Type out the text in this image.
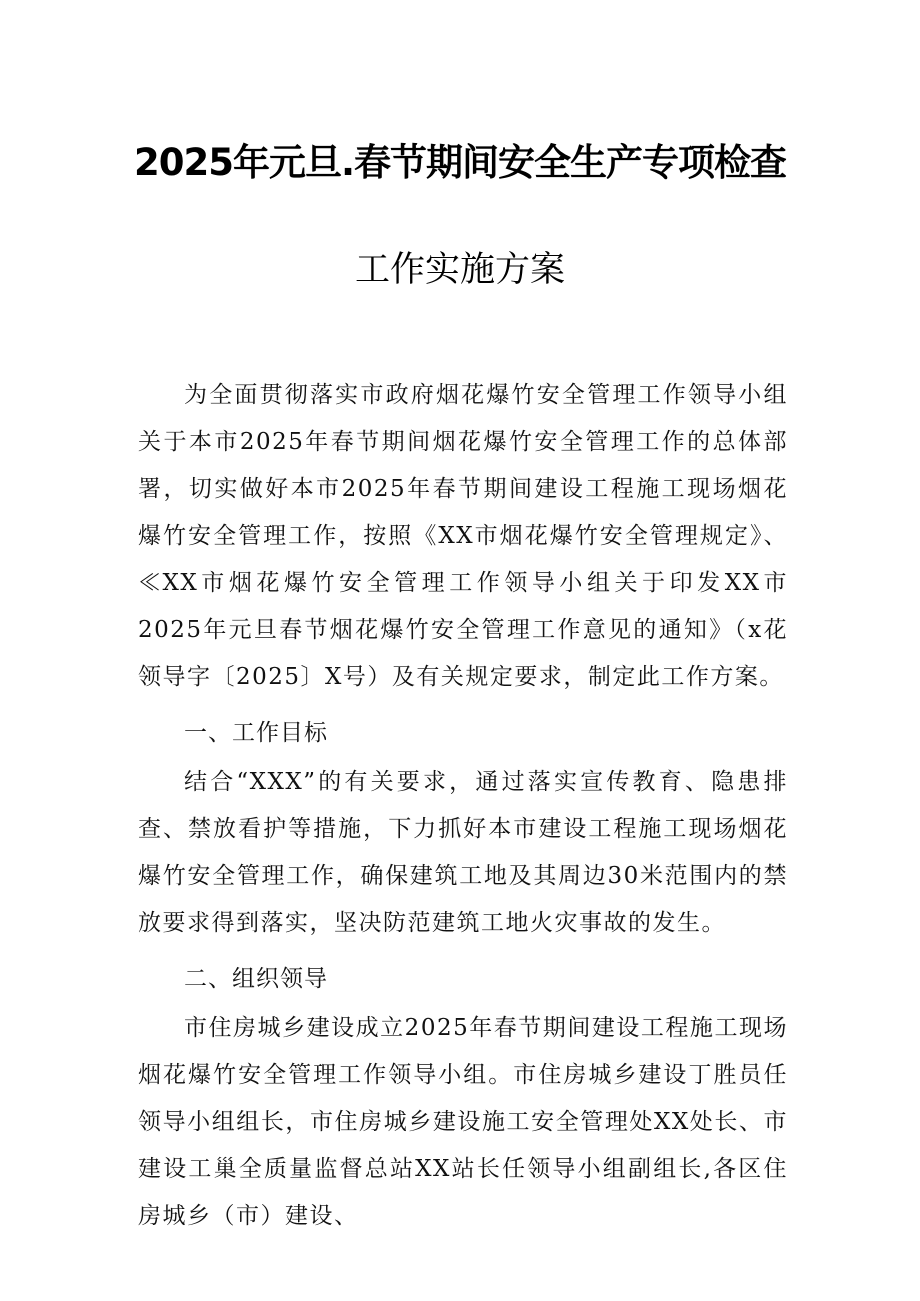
2025年元旦.春节期间安全生产专项检查
工作实施方案

为全面贯彻落实市政府烟花爆竹安全管理工作领导小组关于本市2025年春节期间烟花爆竹安全管理工作的总体部署，切实做好本市2025年春节期间建设工程施工现场烟花爆竹安全管理工作，按照《XX市烟花爆竹安全管理规定》、≪XX市烟花爆竹安全管理工作领导小组关于印发XX市2025年元旦春节烟花爆竹安全管理工作意见的通知》（x花领导字〔2025〕X号）及有关规定要求，制定此工作方案。

一、工作目标

结合“XXX”的有关要求，通过落实宣传教育、隐患排查、禁放看护等措施，下力抓好本市建设工程施工现场烟花爆竹安全管理工作，确保建筑工地及其周边30米范围内的禁放要求得到落实，坚决防范建筑工地火灾事故的发生。

二、组织领导

市住房城乡建设成立2025年春节期间建设工程施工现场烟花爆竹安全管理工作领导小组。市住房城乡建设丁胜员任领导小组组长，市住房城乡建设施工安全管理处XX处长、市建设工巢全质量监督总站XX站长任领导小组副组长,各区住房城乡（市）建设、
